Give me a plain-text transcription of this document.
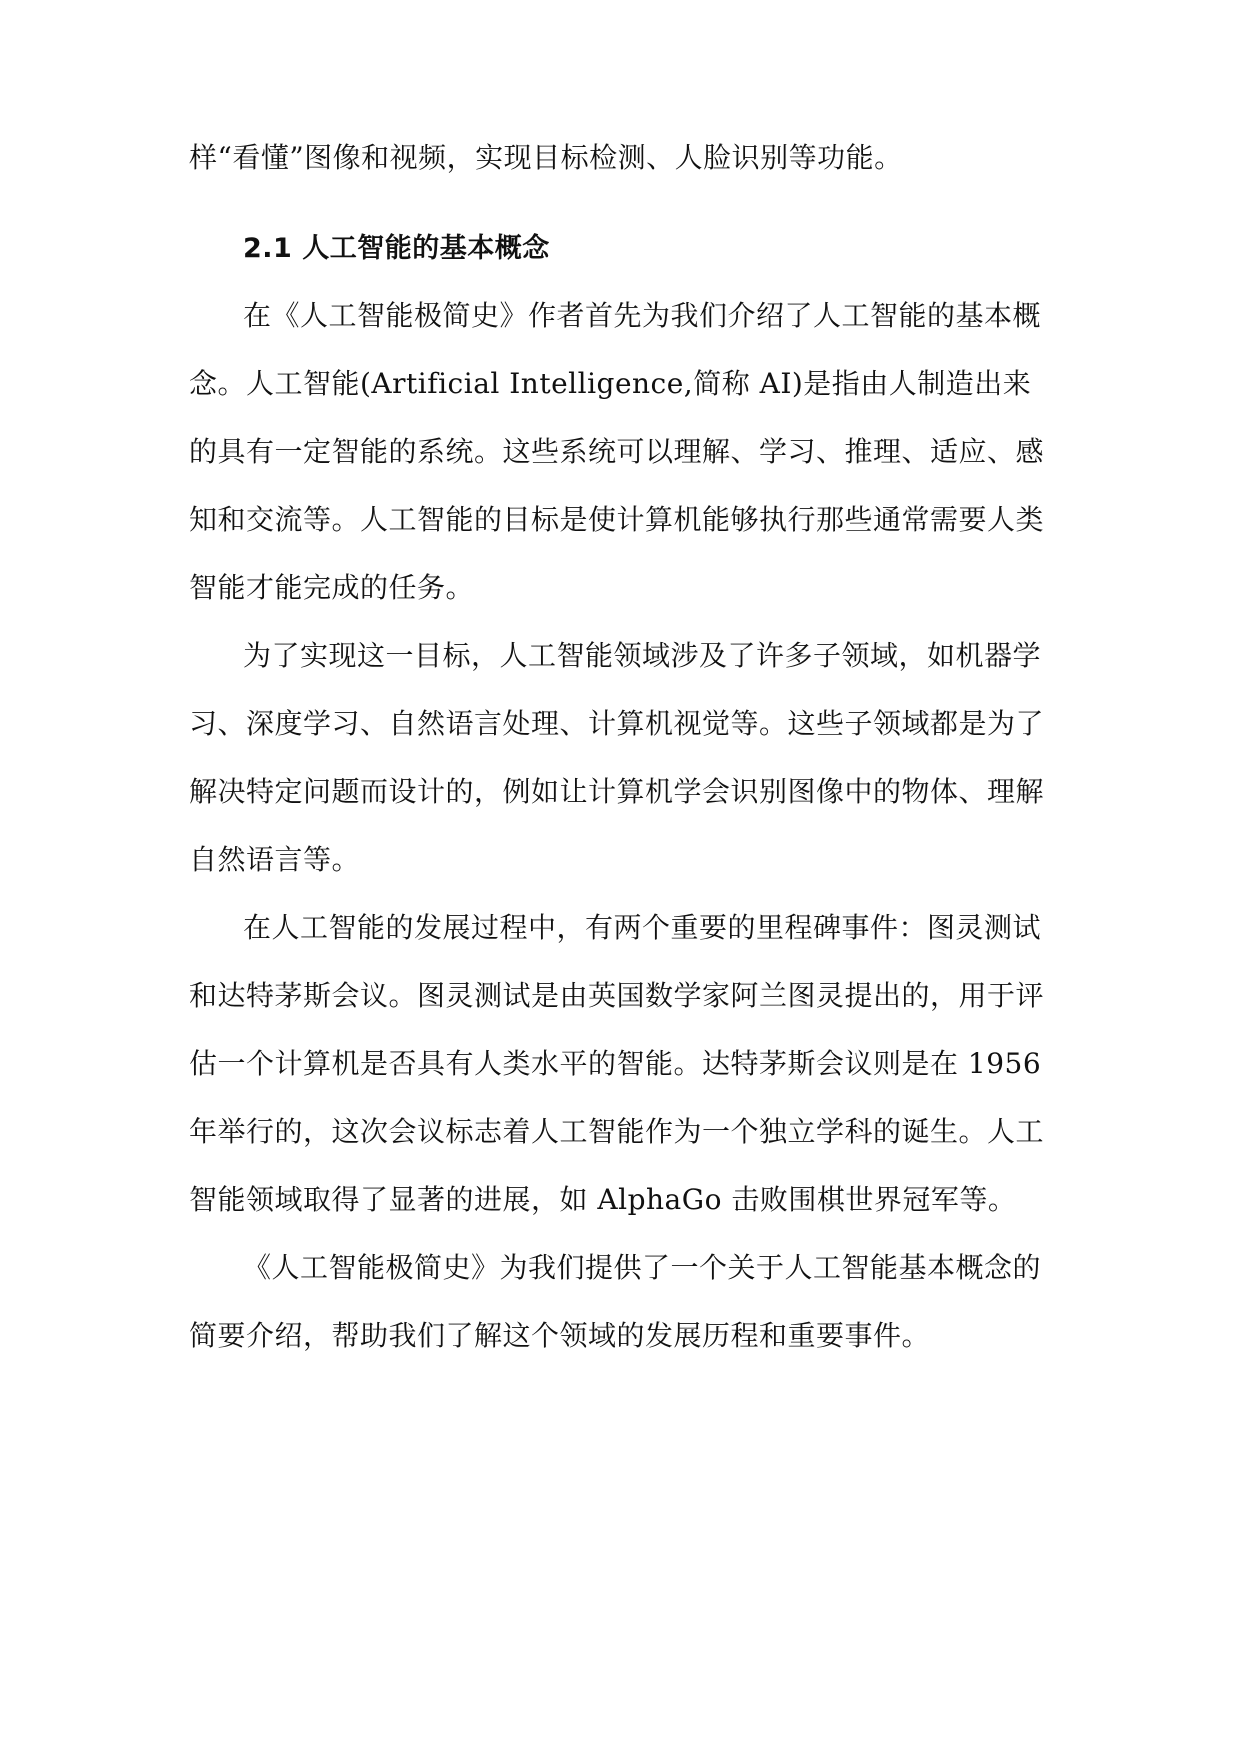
样“看懂”图像和视频，实现目标检测、人脸识别等功能。
2.1 人工智能的基本概念
在《人工智能极简史》作者首先为我们介绍了人工智能的基本概
念。人工智能(Artificial Intelligence,简称 AI)是指由人制造出来
的具有一定智能的系统。这些系统可以理解、学习、推理、适应、感
知和交流等。人工智能的目标是使计算机能够执行那些通常需要人类
智能才能完成的任务。
为了实现这一目标，人工智能领域涉及了许多子领域，如机器学
习、深度学习、自然语言处理、计算机视觉等。这些子领域都是为了
解决特定问题而设计的，例如让计算机学会识别图像中的物体、理解
自然语言等。
在人工智能的发展过程中，有两个重要的里程碑事件：图灵测试
和达特茅斯会议。图灵测试是由英国数学家阿兰图灵提出的，用于评
估一个计算机是否具有人类水平的智能。达特茅斯会议则是在 1956
年举行的，这次会议标志着人工智能作为一个独立学科的诞生。人工
智能领域取得了显著的进展，如 AlphaGo 击败围棋世界冠军等。
《人工智能极简史》为我们提供了一个关于人工智能基本概念的
简要介绍，帮助我们了解这个领域的发展历程和重要事件。
